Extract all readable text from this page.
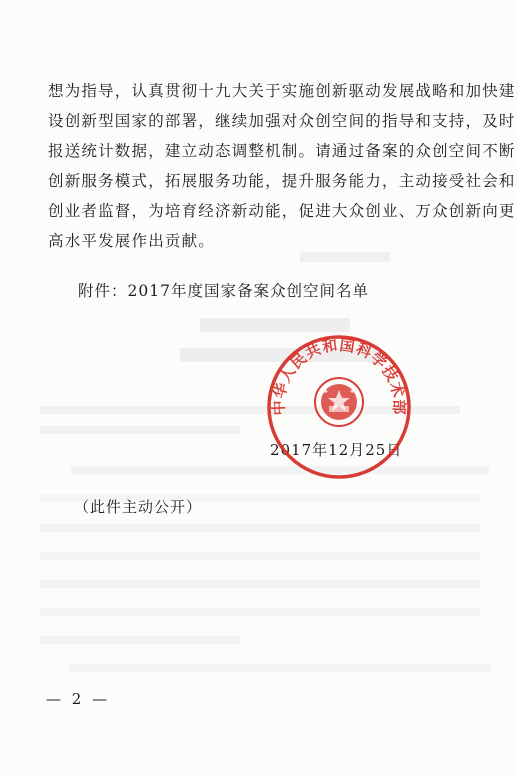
想为指导，认真贯彻十九大关于实施创新驱动发展战略和加快建
设创新型国家的部署，继续加强对众创空间的指导和支持，及时
报送统计数据，建立动态调整机制。请通过备案的众创空间不断
创新服务模式，拓展服务功能，提升服务能力，主动接受社会和
创业者监督，为培育经济新动能，促进大众创业、万众创新向更
高水平发展作出贡献。
附件：2017年度国家备案众创空间名单
中华人民共和国科学技术部
2017年12月25日
（此件主动公开）
— 2 —
